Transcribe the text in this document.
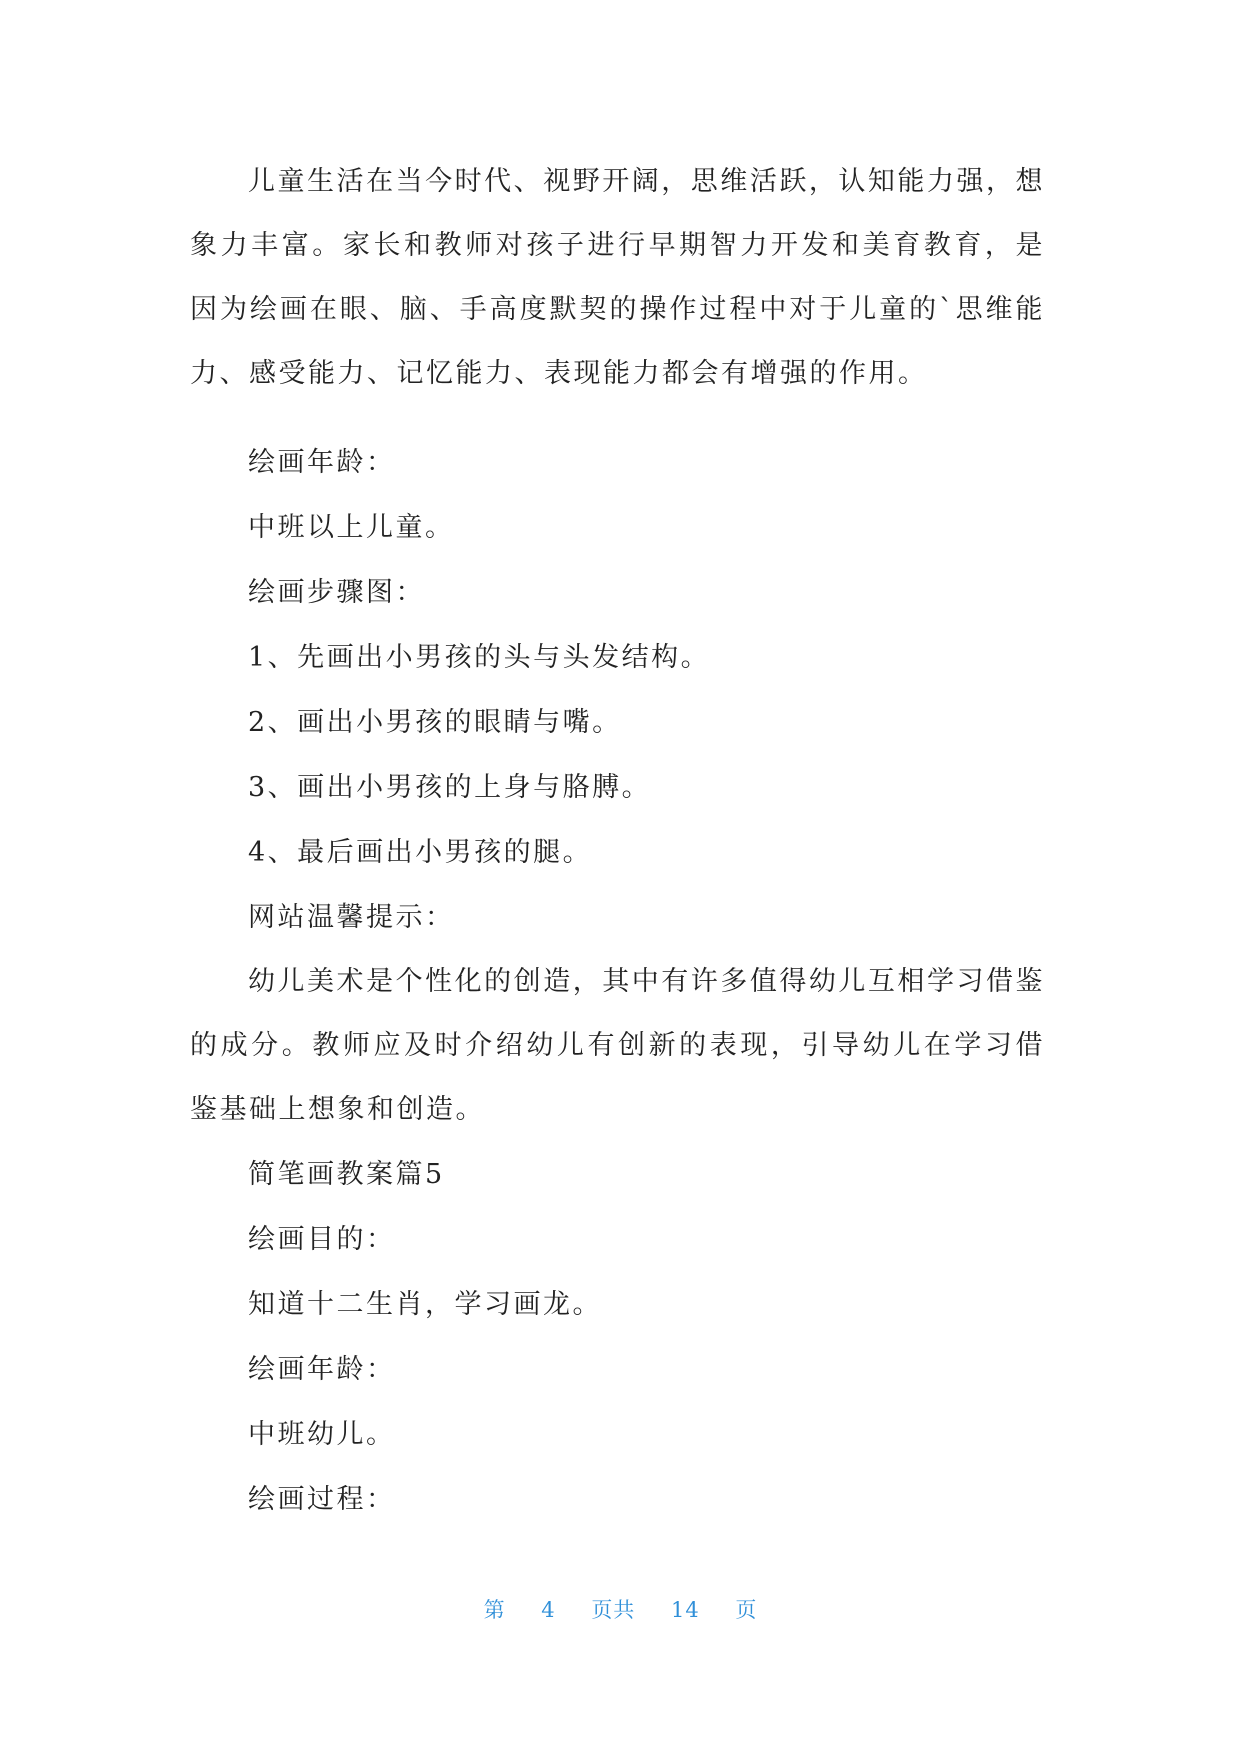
儿童生活在当今时代、视野开阔，思维活跃，认知能力强，想象力丰富。家长和教师对孩子进行早期智力开发和美育教育，是因为绘画在眼、脑、手高度默契的操作过程中对于儿童的`思维能力、感受能力、记忆能力、表现能力都会有增强的作用。

绘画年龄：

中班以上儿童。

绘画步骤图：

1、先画出小男孩的头与头发结构。

2、画出小男孩的眼睛与嘴。

3、画出小男孩的上身与胳膊。

4、最后画出小男孩的腿。

网站温馨提示：

幼儿美术是个性化的创造，其中有许多值得幼儿互相学习借鉴的成分。教师应及时介绍幼儿有创新的表现，引导幼儿在学习借鉴基础上想象和创造。

简笔画教案篇5

绘画目的：

知道十二生肖，学习画龙。

绘画年龄：

中班幼儿。

绘画过程：

第 4 页共 14 页
